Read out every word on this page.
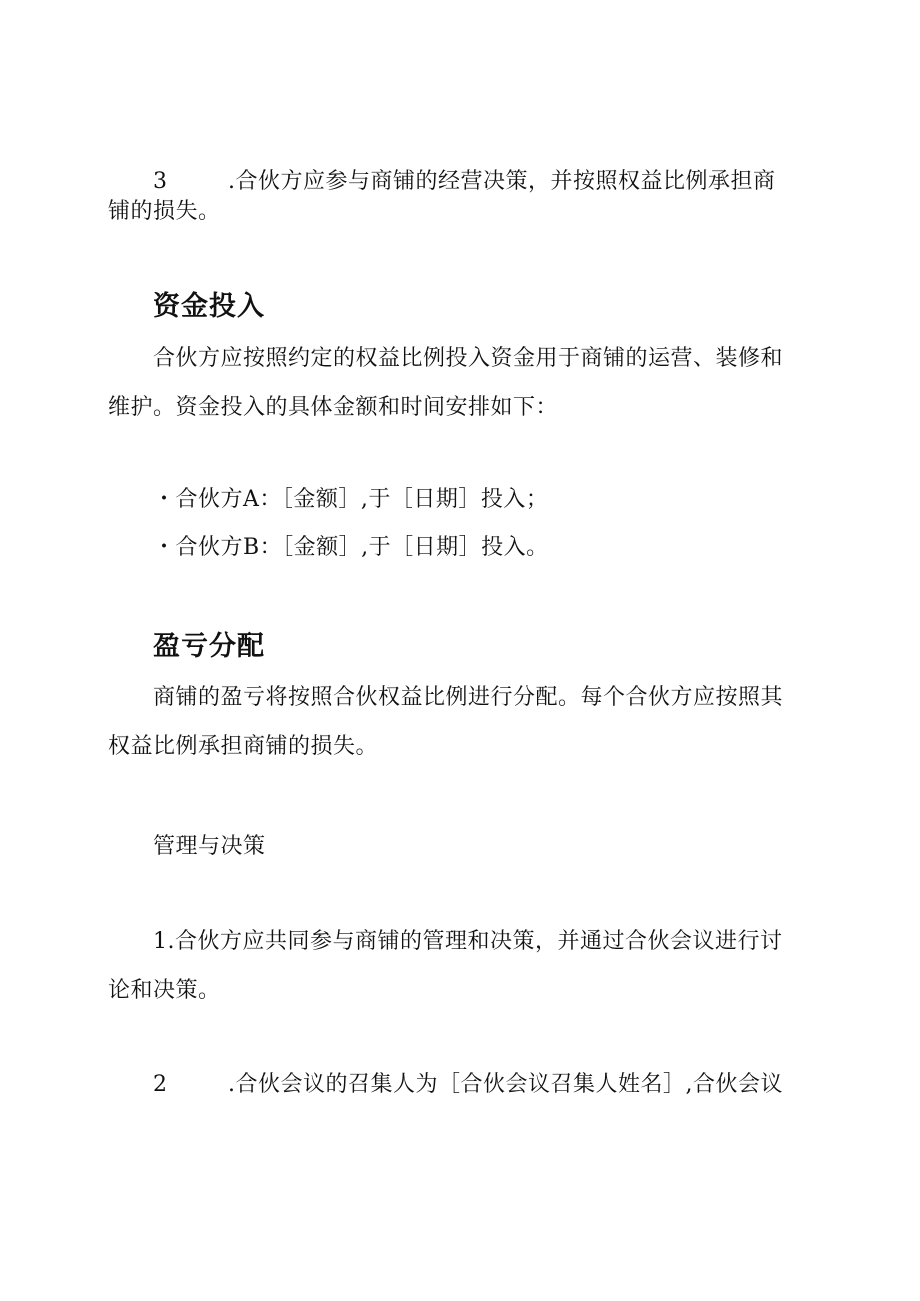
3	.合伙方应参与商铺的经营决策，并按照权益比例承担商
铺的损失。
资金投入
合伙方应按照约定的权益比例投入资金用于商铺的运营、装修和
维护。资金投入的具体金额和时间安排如下：
・合伙方A：［金额］,于［日期］投入；
・合伙方B：［金额］,于［日期］投入。
盈亏分配
商铺的盈亏将按照合伙权益比例进行分配。每个合伙方应按照其
权益比例承担商铺的损失。
管理与决策
1.合伙方应共同参与商铺的管理和决策，并通过合伙会议进行讨
论和决策。
2	.合伙会议的召集人为［合伙会议召集人姓名］,合伙会议
